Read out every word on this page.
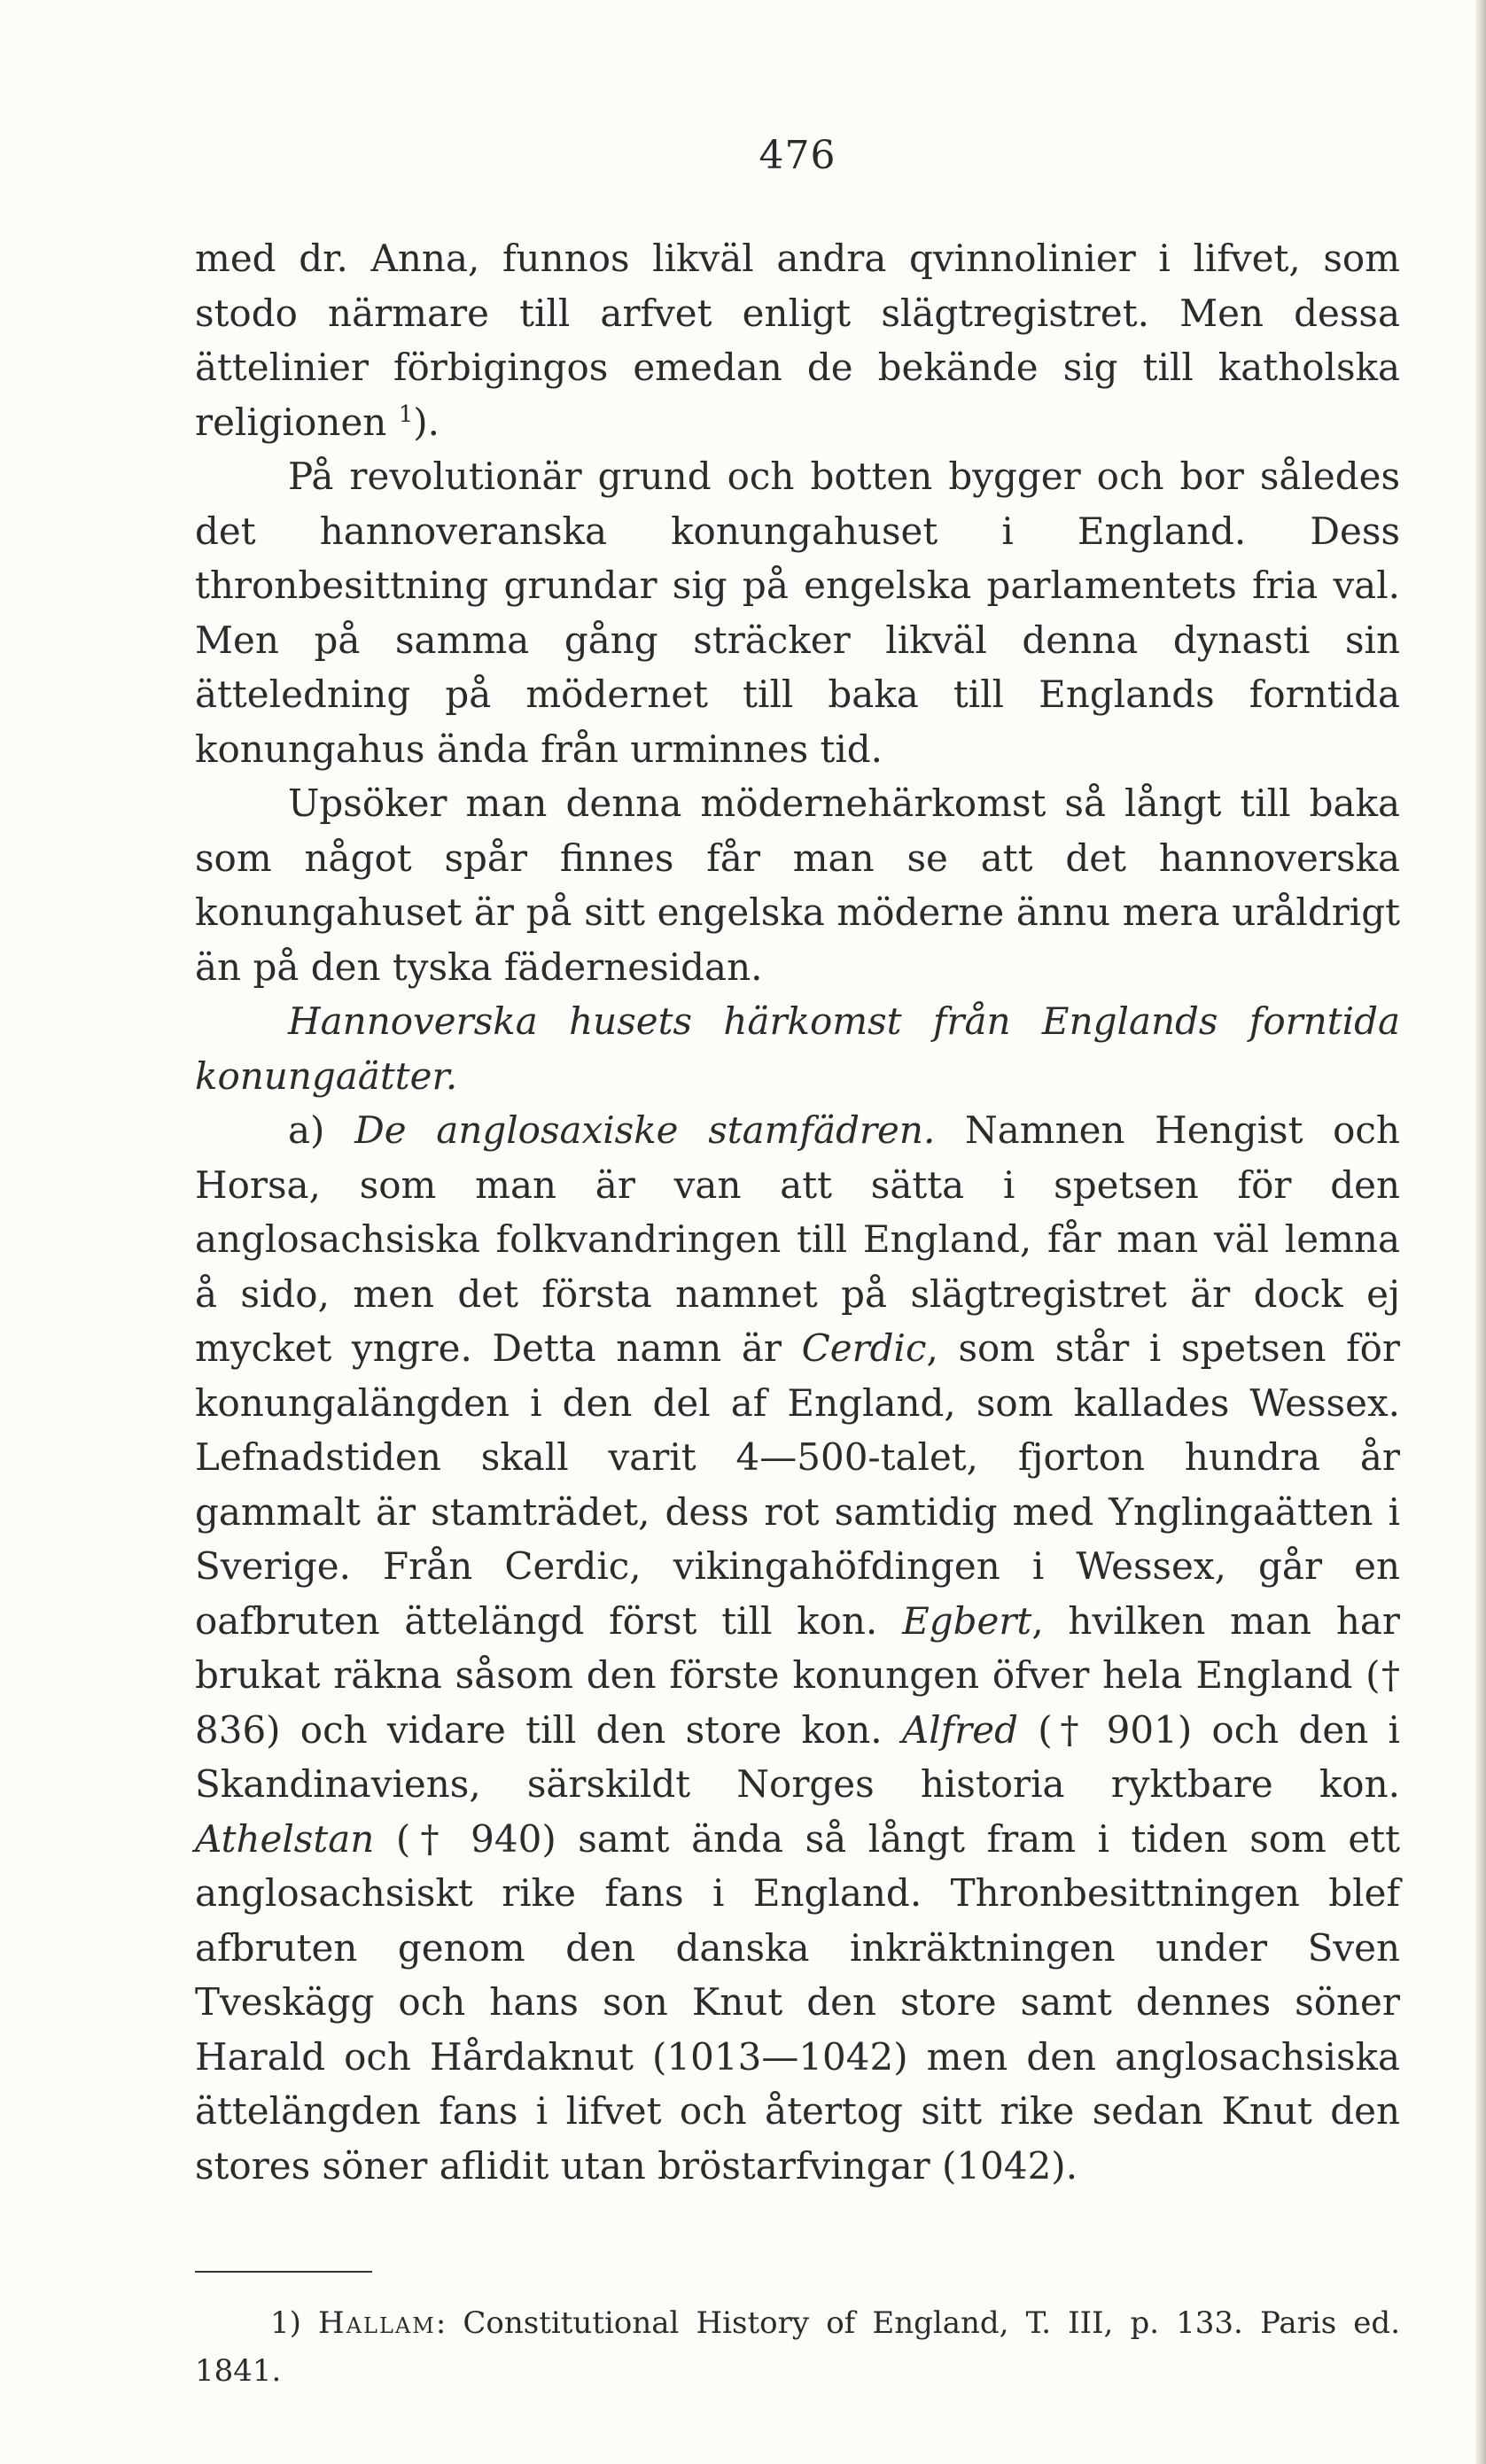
476

med dr. Anna, funnos likväl andra qvinnolinier i lifvet, som stodo närmare till arfvet enligt slägtregistret. Men dessa ättelinier förbigingos emedan de bekände sig till katholska religionen $^1$).

På revolutionär grund och botten bygger och bor således det hannoveranska konungahuset i England. Dess thronbesittning grundar sig på engelska parlamentets fria val. Men på samma gång sträcker likväl denna dynasti sin ätteledning på mödernet till baka till Englands forntida konungahus ända från urminnes tid.

Upsöker man denna mödernehärkomst så långt till baka som något spår finnes får man se att det hannoverska konungahuset är på sitt engelska möderne ännu mera uråldrigt än på den tyska fädernesidan.

Hannoverska husets härkomst från Englands forntida konungaätter.

a) De anglosaxiske stamfädren. Namnen Hengist och Horsa, som man är van att sätta i spetsen för den anglosachsiska folkvandringen till England, får man väl lemna å sido, men det första namnet på slägtregistret är dock ej mycket yngre. Detta namn är Cerdic, som står i spetsen för konungalängden i den del af England, som kallades Wessex. Lefnadstiden skall varit 4—500-talet, fjorton hundra år gammalt är stamträdet, dess rot samtidig med Ynglingaätten i Sverige. Från Cerdic, vikingahöfdingen i Wessex, går en oafbruten ättelängd först till kon. Egbert, hvilken man har brukat räkna såsom den förste konungen öfver hela England († 836) och vidare till den store kon. Alfred († 901) och den i Skandinaviens, särskildt Norges historia ryktbare kon. Athelstan († 940) samt ända så långt fram i tiden som ett anglosachsiskt rike fans i England. Thronbesittningen blef afbruten genom den danska inkräktningen under Sven Tveskägg och hans son Knut den store samt dennes söner Harald och Hårdaknut (1013—1042) men den anglosachsiska ättelängden fans i lifvet och återtog sitt rike sedan Knut den stores söner aflidit utan bröstarfvingar (1042).

1) Hallam: Constitutional History of England, T. III, p. 133. Paris ed. 1841.
